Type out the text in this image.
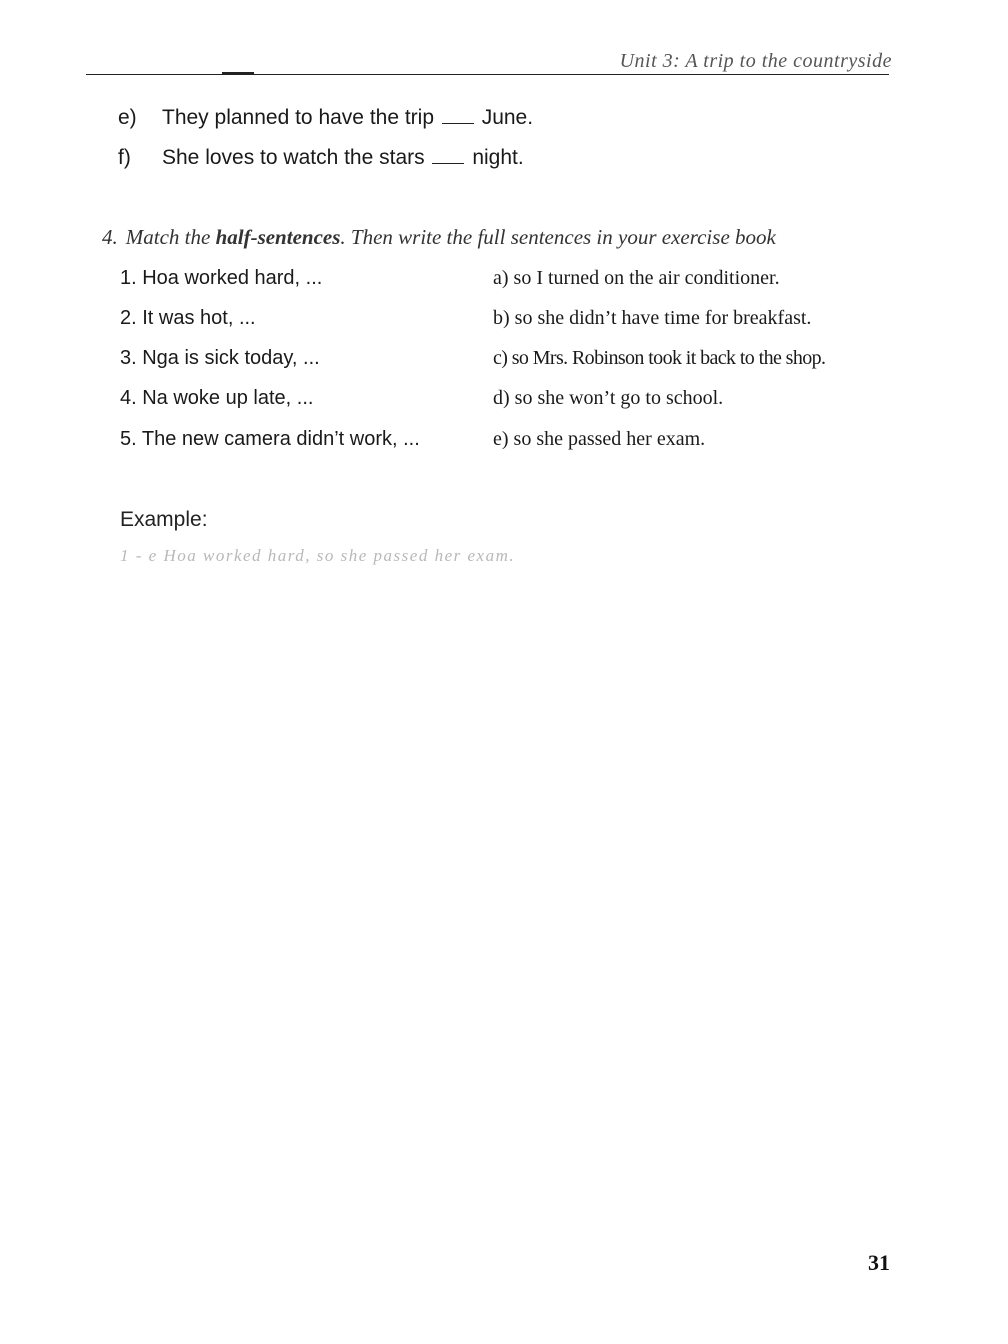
Unit 3: A trip to the countryside
e) They planned to have the trip June.
f) She loves to watch the stars night.
4. Match the half-sentences. Then write the full sentences in your exercise book
1. Hoa worked hard, ...
2. It was hot, ...
3. Nga is sick today, ...
4. Na woke up late, ...
5. The new camera didn’t work, ...
a) so I turned on the air conditioner.
b) so she didn’t have time for breakfast.
c) so Mrs. Robinson took it back to the shop.
d) so she won’t go to school.
e) so she passed her exam.
Example:
1 - e Hoa worked hard, so she passed her exam.
31
